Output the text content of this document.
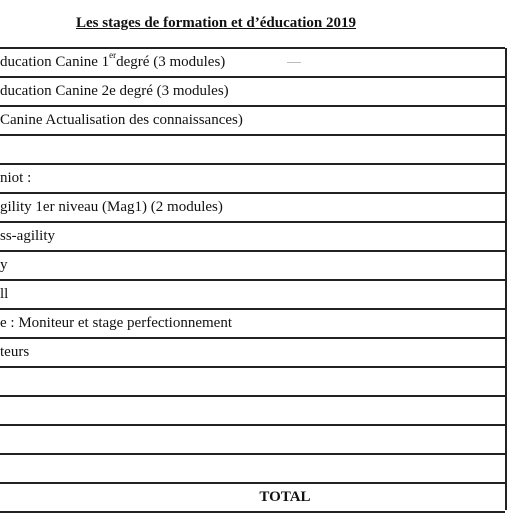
Les stages de formation et d’éducation 2019
ducation Canine 1erdegré (3 modules)
ducation Canine 2e degré (3 modules)
Canine Actualisation des connaissances)
niot :
gility 1er niveau (Mag1) (2 modules)
ss-agility
y
ll
e : Moniteur et stage perfectionnement
teurs
TOTAL
